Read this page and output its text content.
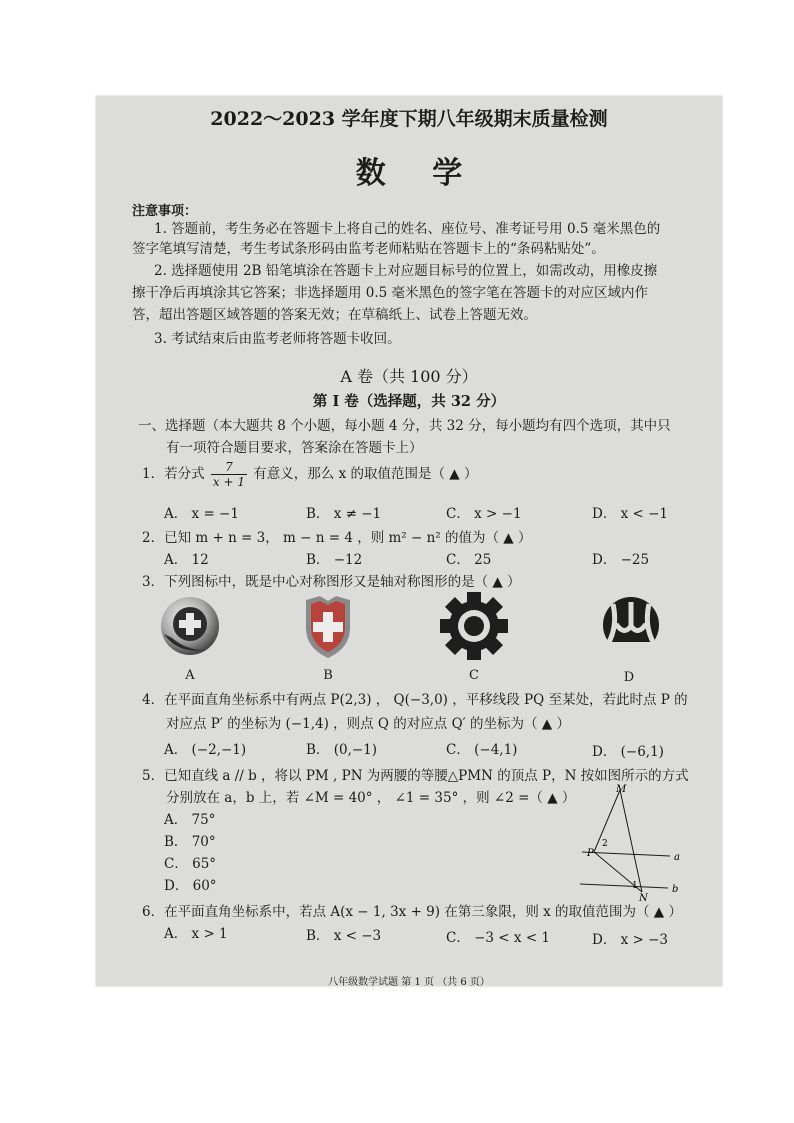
2022～2023 学年度下期八年级期末质量检测
数 学
注意事项：
1. 答题前，考生务必在答题卡上将自己的姓名、座位号、准考证号用 0.5 毫米黑色的
签字笔填写清楚，考生考试条形码由监考老师粘贴在答题卡上的“条码粘贴处”。
2. 选择题使用 2B 铅笔填涂在答题卡上对应题目标号的位置上，如需改动，用橡皮擦
擦干净后再填涂其它答案；非选择题用 0.5 毫米黑色的签字笔在答题卡的对应区域内作
答，超出答题区域答题的答案无效；在草稿纸上、试卷上答题无效。
3. 考试结束后由监考老师将答题卡收回。
A 卷（共 100 分）
第 Ⅰ 卷（选择题，共 32 分）
一、选择题（本大题共 8 个小题，每小题 4 分，共 32 分，每小题均有四个选项，其中只
有一项符合题目要求，答案涂在答题卡上）
1．若分式 $\frac{7}{x + 1}$ 有意义，那么 x 的取值范围是（ ▲ ）
A． x = −1	B． x ≠ −1	C． x > −1	D． x < −1
2．已知 m + n = 3， m − n = 4 ，则 m² − n² 的值为（ ▲ ）
A． 12	B． −12	C． 25	D． −25
3．下列图标中，既是中心对称图形又是轴对称图形的是（ ▲ ）
A	B	C	D
4．在平面直角坐标系中有两点 P(2,3) ， Q(−3,0) ，平移线段 PQ 至某处，若此时点 P 的
对应点 P′ 的坐标为 (−1,4) ，则点 Q 的对应点 Q′ 的坐标为（ ▲ ）
A． (−2,−1)	B． (0,−1)	C． (−4,1)	D． (−6,1)
5．已知直线 a // b ，将以 PM , PN 为两腰的等腰△PMN 的顶点 P，N 按如图所示的方式
分别放在 a，b 上，若 ∠M = 40° ， ∠1 = 35° ，则 ∠2 =（ ▲ ）
A． 75°
B． 70°
C． 65°
D． 60°
M
P
N
a
b
1
2
6．在平面直角坐标系中，若点 A(x − 1, 3x + 9) 在第三象限，则 x 的取值范围为（ ▲ ）
A． x > 1	B． x < −3	C． −3 < x < 1	D． x > −3
八年级数学试题 第 1 页 （共 6 页）
